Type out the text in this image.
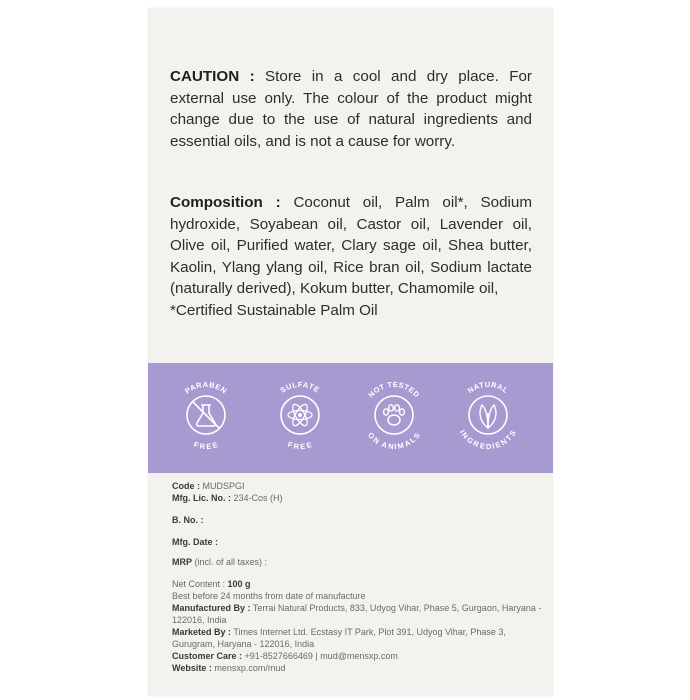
CAUTION : Store in a cool and dry place. For external use only. The colour of the product might change due to the use of natural ingredients and essential oils, and is not a cause for worry.
Composition : Coconut oil, Palm oil*, Sodium hydroxide, Soyabean oil, Castor oil, Lavender oil, Olive oil, Purified water, Clary sage oil, Shea butter, Kaolin, Ylang ylang oil, Rice bran oil, Sodium lactate (naturally derived), Kokum butter, Chamomile oil,
*Certified Sustainable Palm Oil
PARABEN
FREE
SULFATE
FREE
NOT TESTED
ON ANIMALS
NATURAL
INGREDIENTS
Code : MUDSPGI
Mfg. Lic. No. : 234-Cos (H)
B. No. :
Mfg. Date :
MRP (incl. of all taxes) :
Net Content : 100 g
Best before 24 months from date of manufacture
Manufactured By : Terrai Natural Products, 833, Udyog Vihar, Phase 5, Gurgaon, Haryana - 122016, India
Marketed By : Times Internet Ltd. Ecstasy IT Park, Plot 391, Udyog Vihar, Phase 3, Gurugram, Haryana - 122016, India
Customer Care : +91-8527666469 | mud@mensxp.com
Website : mensxp.com/mud
